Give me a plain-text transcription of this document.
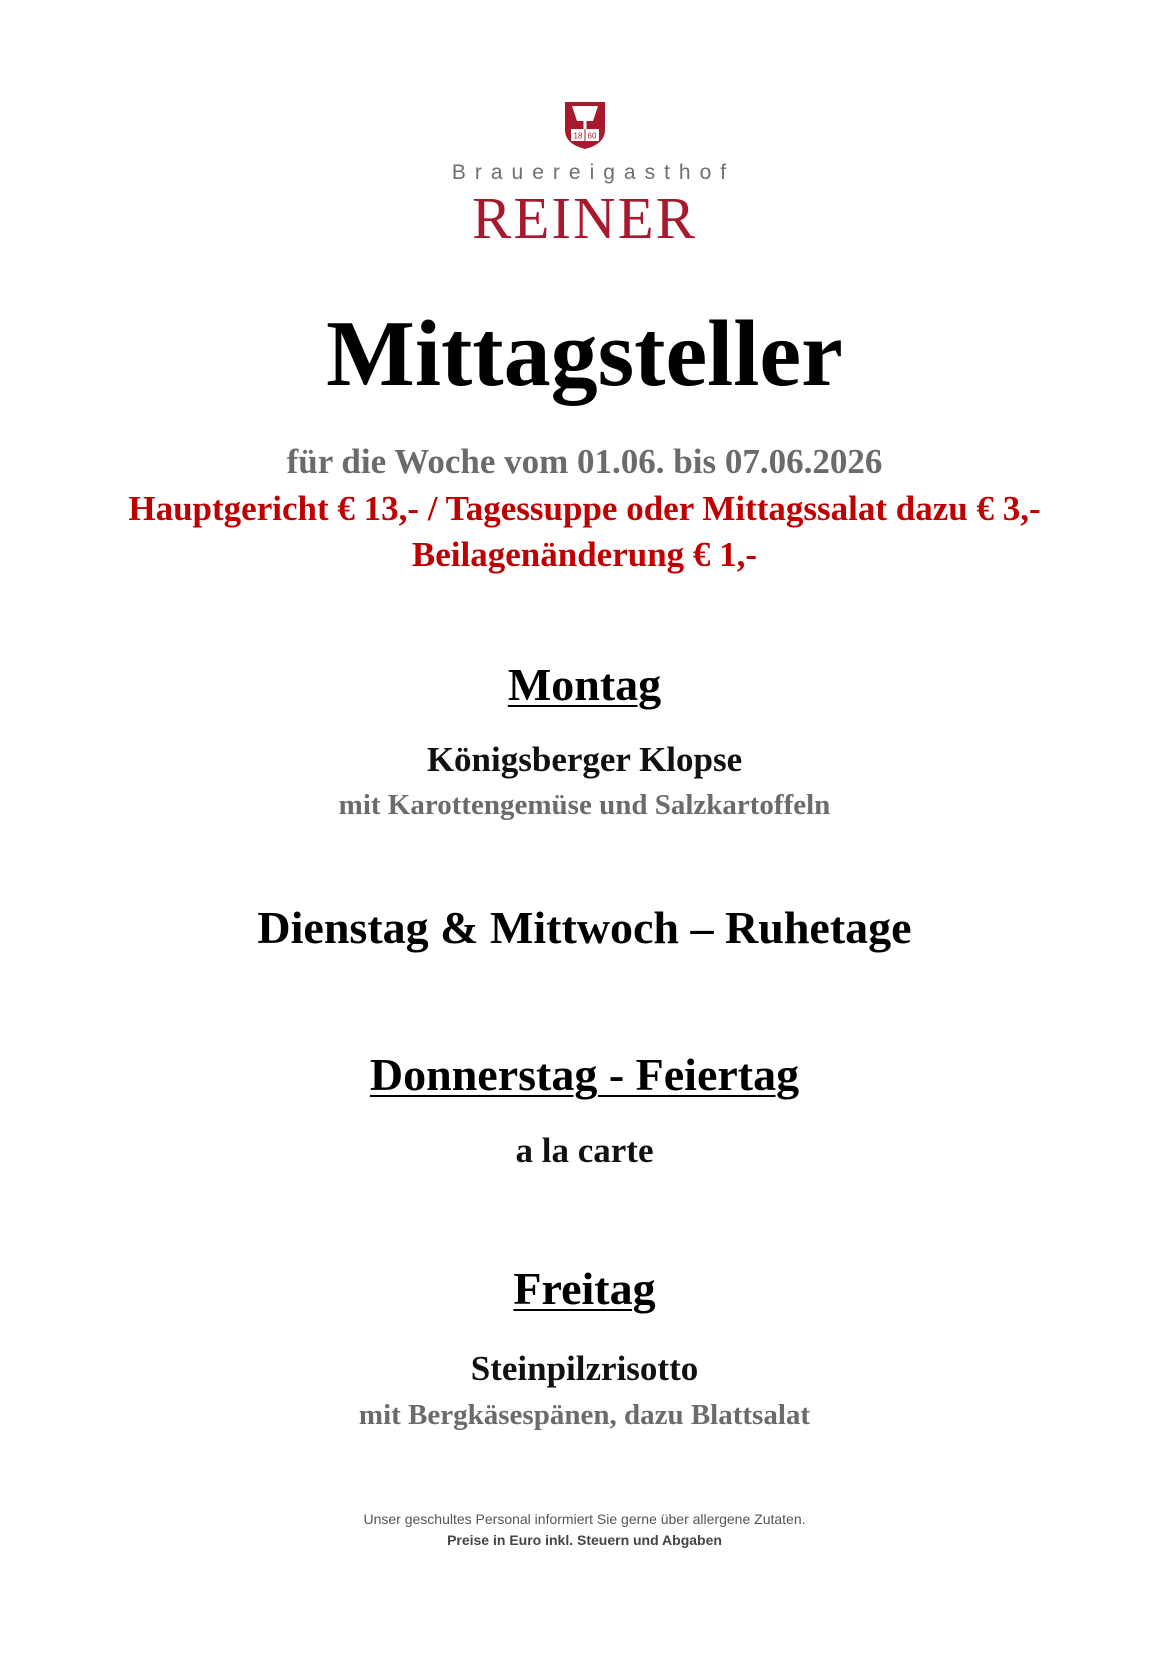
18 60
Brauereigasthof
REINER
Mittagsteller
für die Woche vom 01.06. bis 07.06.2026
Hauptgericht € 13,- / Tagessuppe oder Mittagssalat dazu € 3,-
Beilagenänderung € 1,-
Montag
Königsberger Klopse
mit Karottengemüse und Salzkartoffeln
Dienstag & Mittwoch – Ruhetage
Donnerstag - Feiertag
a la carte
Freitag
Steinpilzrisotto
mit Bergkäsespänen, dazu Blattsalat
Unser geschultes Personal informiert Sie gerne über allergene Zutaten.
Preise in Euro inkl. Steuern und Abgaben
